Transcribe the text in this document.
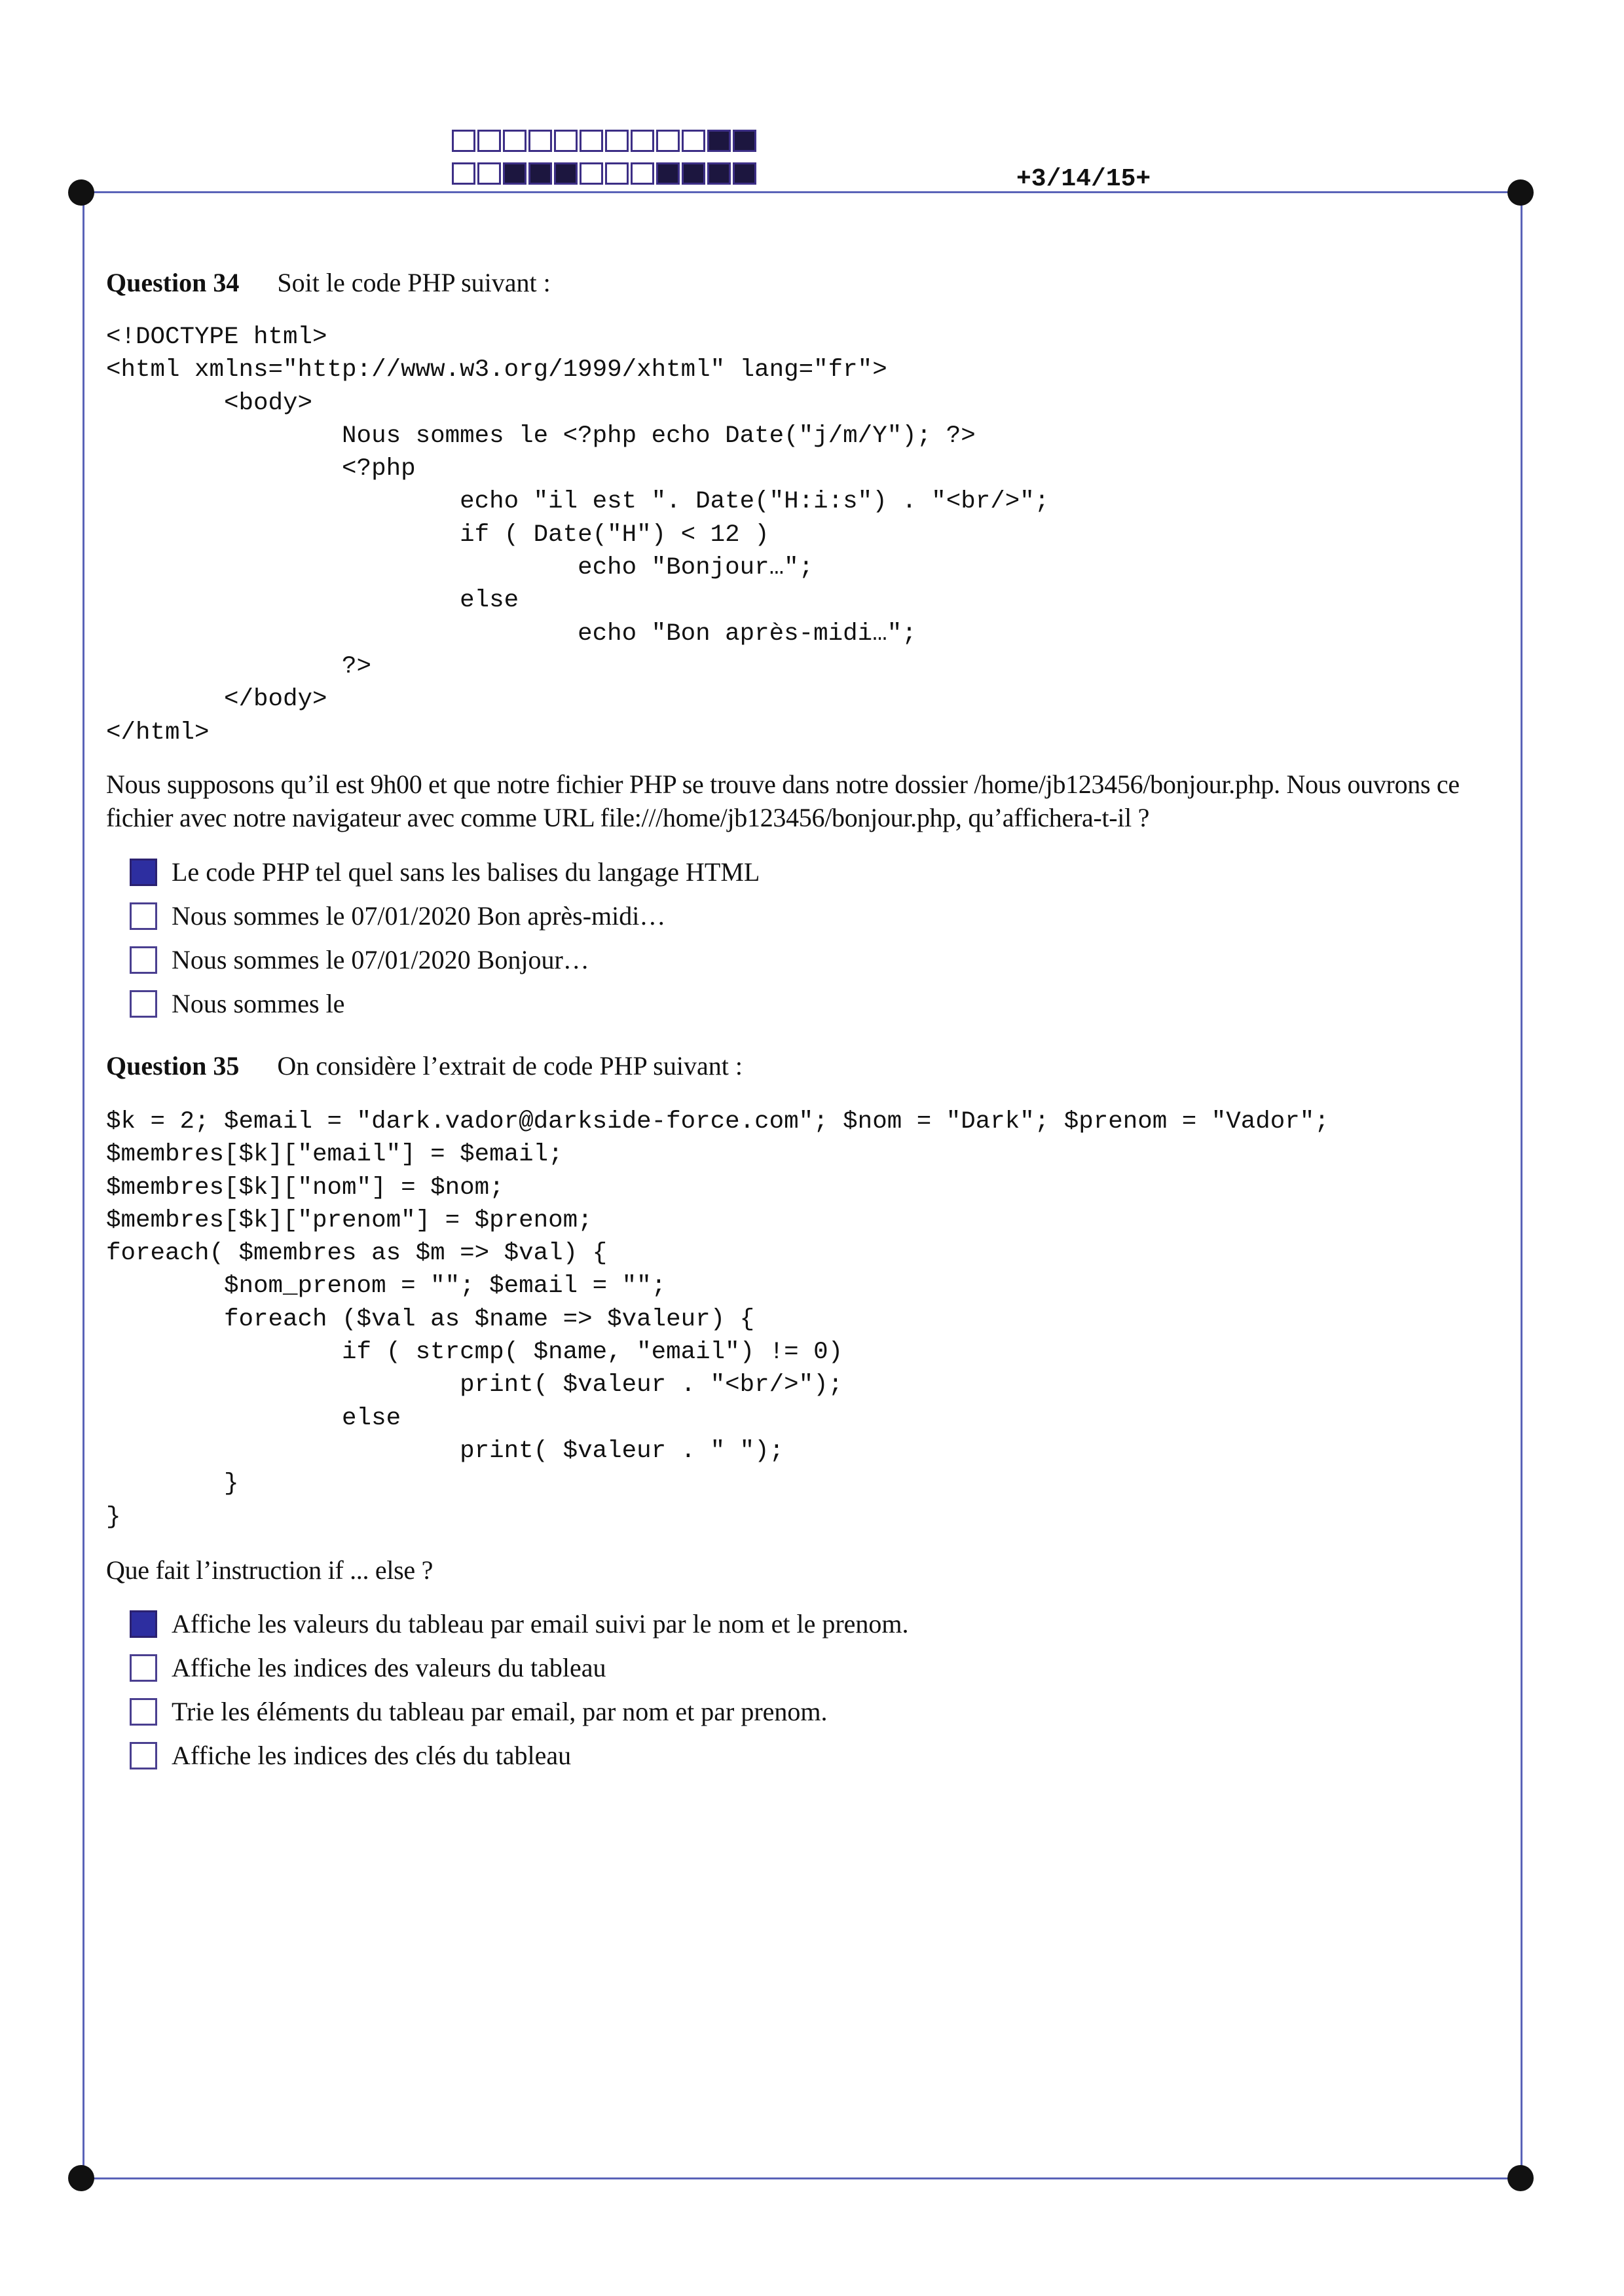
+3/14/15+
Question 34 Soit le code PHP suivant :
<!DOCTYPE html>
<html xmlns="http://www.w3.org/1999/xhtml" lang="fr">
<body>
Nous sommes le <?php echo Date("j/m/Y"); ?>
<?php
echo "il est ". Date("H:i:s") . "<br/>";
if ( Date("H") < 12 )
echo "Bonjour…";
else
echo "Bon après-midi…";
?>
</body>
</html>
Nous supposons qu’il est 9h00 et que notre fichier PHP se trouve dans notre dossier /home/jb123456/bonjour.php. Nous ouvrons ce fichier avec notre navigateur avec comme URL file:///home/jb123456/bonjour.php, qu’affichera-t-il ?
Le code PHP tel quel sans les balises du langage HTML
Nous sommes le 07/01/2020 Bon après-midi…
Nous sommes le 07/01/2020 Bonjour…
Nous sommes le
Question 35 On considère l’extrait de code PHP suivant :
$k = 2; $email = "dark.vador@darkside-force.com"; $nom = "Dark"; $prenom = "Vador";
$membres[$k]["email"] = $email;
$membres[$k]["nom"] = $nom;
$membres[$k]["prenom"] = $prenom;
foreach( $membres as $m => $val) {
$nom_prenom = ""; $email = "";
foreach ($val as $name => $valeur) {
if ( strcmp( $name, "email") != 0)
print( $valeur . "<br/>");
else
print( $valeur . " ");
}
}
Que fait l’instruction if ... else ?
Affiche les valeurs du tableau par email suivi par le nom et le prenom.
Affiche les indices des valeurs du tableau
Trie les éléments du tableau par email, par nom et par prenom.
Affiche les indices des clés du tableau
